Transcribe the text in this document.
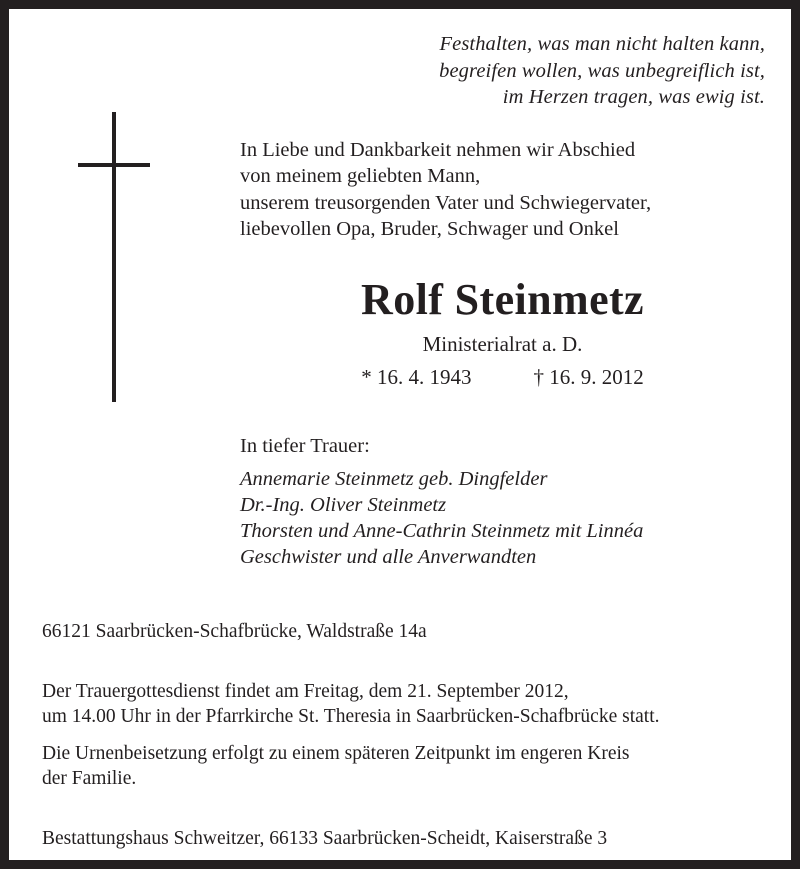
Festhalten, was man nicht halten kann,
begreifen wollen, was unbegreiflich ist,
im Herzen tragen, was ewig ist.
In Liebe und Dankbarkeit nehmen wir Abschied
von meinem geliebten Mann,
unserem treusorgenden Vater und Schwiegervater,
liebevollen Opa, Bruder, Schwager und Onkel
Rolf Steinmetz
Ministerialrat a. D.
* 16. 4. 1943	† 16. 9. 2012
In tiefer Trauer:
Annemarie Steinmetz geb. Dingfelder
Dr.-Ing. Oliver Steinmetz
Thorsten und Anne-Cathrin Steinmetz mit Linnéa
Geschwister und alle Anverwandten
66121 Saarbrücken-Schafbrücke, Waldstraße 14a
Der Trauergottesdienst findet am Freitag, dem 21. September 2012,
um 14.00 Uhr in der Pfarrkirche St. Theresia in Saarbrücken-Schafbrücke statt.
Die Urnenbeisetzung erfolgt zu einem späteren Zeitpunkt im engeren Kreis
der Familie.
Bestattungshaus Schweitzer, 66133 Saarbrücken-Scheidt, Kaiserstraße 3
